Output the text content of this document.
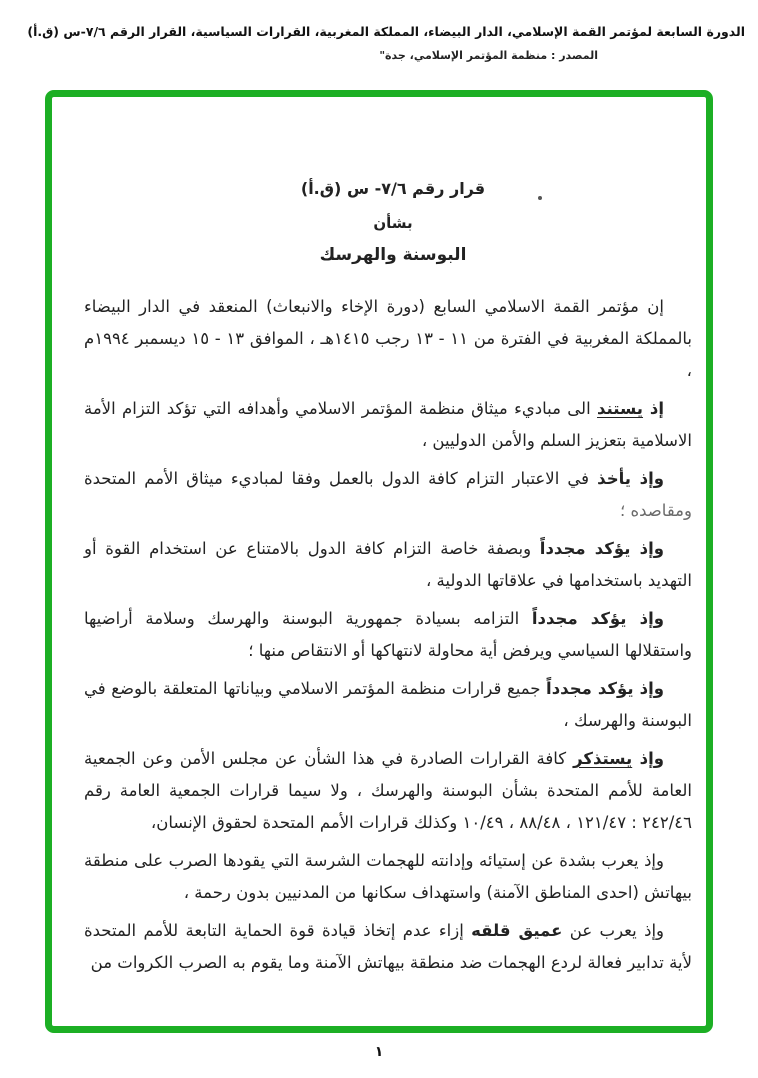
الدورة السابعة لمؤتمر القمة الإسلامي، الدار البيضاء، المملكة المغربية، القرارات السياسية، القرار الرقم ٧/٦-س (ق.أ)
المصدر : منظمة المؤتمر الإسلامي، جدة"
قرار رقم ٧/٦- س (ق.أ)
بشأن
البوسنة والهرسك

إن مؤتمر القمة الاسلامي السابع (دورة الإخاء والانبعاث) المنعقد في الدار البيضاء بالمملكة المغربية في الفترة من ١١ - ١٣ رجب ١٤١٥هـ ، الموافق ١٣ - ١٥ ديسمبر ١٩٩٤م ،

إذ يستند الى مباديء ميثاق منظمة المؤتمر الاسلامي وأهدافه التي تؤكد التزام الأمة الاسلامية بتعزيز السلم والأمن الدوليين ،

وإذ يأخذ في الاعتبار التزام كافة الدول بالعمل وفقا لمباديء ميثاق الأمم المتحدة ومقاصده ؛

وإذ يؤكد مجدداً وبصفة خاصة التزام كافة الدول بالامتناع عن استخدام القوة أو التهديد باستخدامها في علاقاتها الدولية ،

وإذ يؤكد مجدداً التزامه بسيادة جمهورية البوسنة والهرسك وسلامة أراضيها واستقلالها السياسي ويرفض أية محاولة لانتهاكها أو الانتقاص منها ؛

وإذ يؤكد مجدداً جميع قرارات منظمة المؤتمر الاسلامي وبياناتها المتعلقة بالوضع في البوسنة والهرسك ،

وإذ يستذكر كافة القرارات الصادرة في هذا الشأن عن مجلس الأمن وعن الجمعية العامة للأمم المتحدة بشأن البوسنة والهرسك ، ولا سيما قرارات الجمعية العامة رقم ٢٤٢/٤٦ : ١٢١/٤٧ ، ٨٨/٤٨ ، ١٠/٤٩ وكذلك قرارات الأمم المتحدة لحقوق الإنسان،

وإذ يعرب بشدة عن إستيائه وإدانته للهجمات الشرسة التي يقودها الصرب على منطقة بيهاتش (احدى المناطق الآمنة) واستهداف سكانها من المدنيين بدون رحمة ،

وإذ يعرب عن عميق قلقه إزاء عدم إتخاذ قيادة قوة الحماية التابعة للأمم المتحدة لأية تدابير فعالة لردع الهجمات ضد منطقة بيهاتش الآمنة وما يقوم به الصرب الكروات من

١
